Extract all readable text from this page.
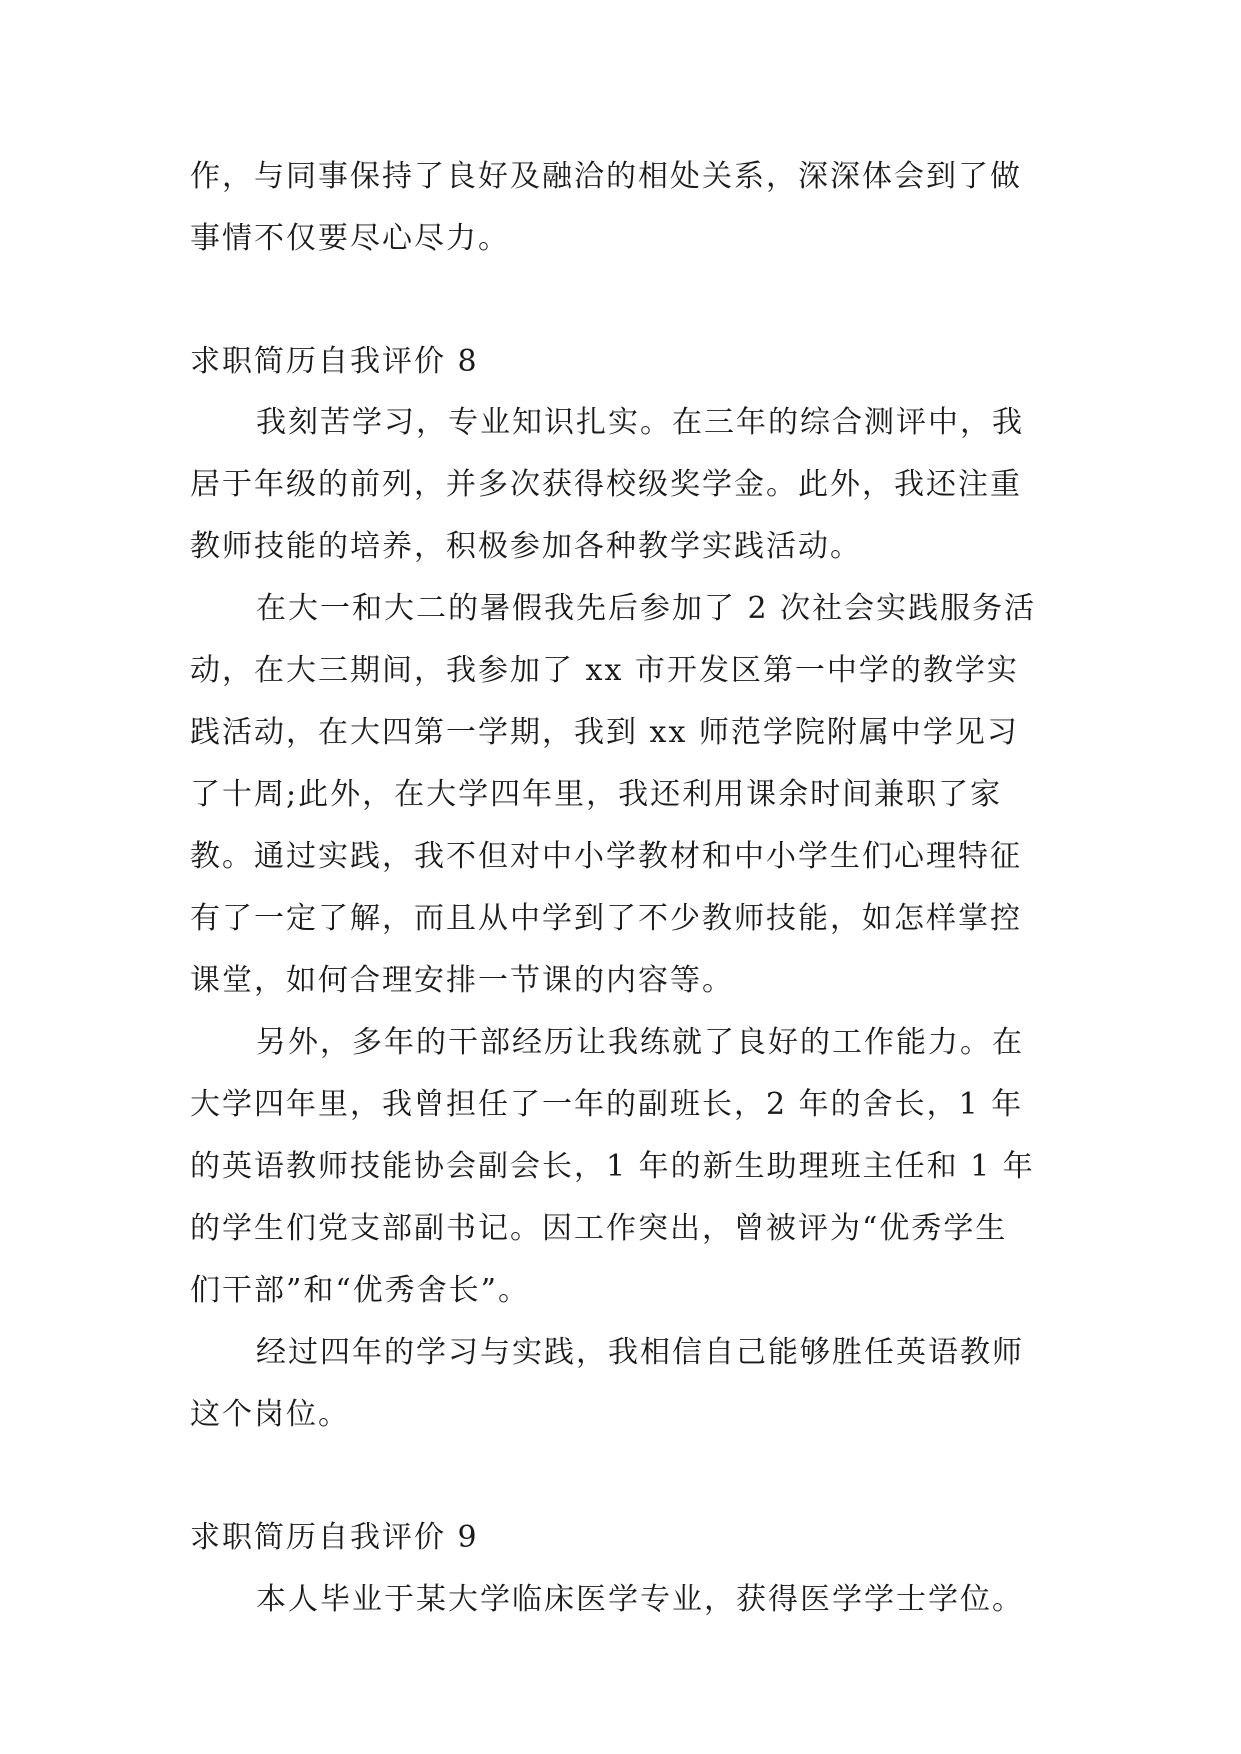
作，与同事保持了良好及融洽的相处关系，深深体会到了做
事情不仅要尽心尽力。
求职简历自我评价 8
我刻苦学习，专业知识扎实。在三年的综合测评中，我
居于年级的前列，并多次获得校级奖学金。此外，我还注重
教师技能的培养，积极参加各种教学实践活动。
在大一和大二的暑假我先后参加了 2 次社会实践服务活
动，在大三期间，我参加了 xx 市开发区第一中学的教学实
践活动，在大四第一学期，我到 xx 师范学院附属中学见习
了十周;此外，在大学四年里，我还利用课余时间兼职了家
教。通过实践，我不但对中小学教材和中小学生们心理特征
有了一定了解，而且从中学到了不少教师技能，如怎样掌控
课堂，如何合理安排一节课的内容等。
另外，多年的干部经历让我练就了良好的工作能力。在
大学四年里，我曾担任了一年的副班长，2 年的舍长，1 年
的英语教师技能协会副会长，1 年的新生助理班主任和 1 年
的学生们党支部副书记。因工作突出，曾被评为“优秀学生
们干部”和“优秀舍长”。
经过四年的学习与实践，我相信自己能够胜任英语教师
这个岗位。
求职简历自我评价 9
本人毕业于某大学临床医学专业，获得医学学士学位。
